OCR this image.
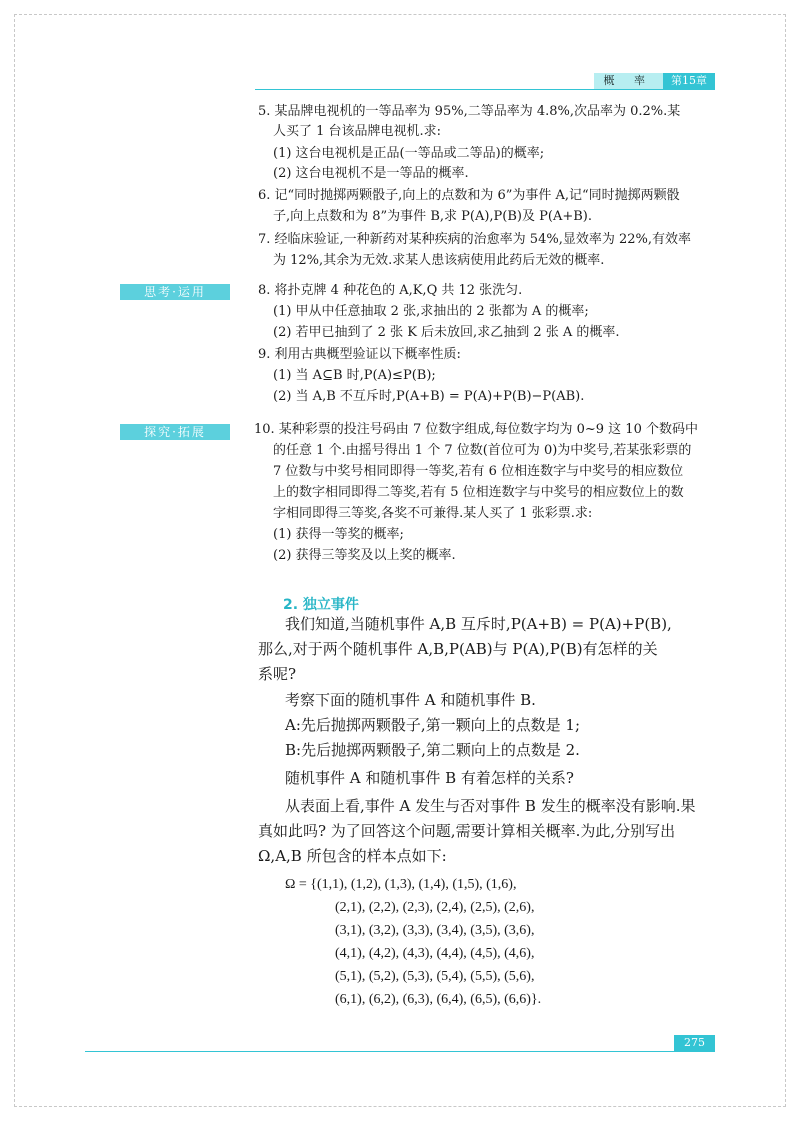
概 率	第15章
5. 某品牌电视机的一等品率为 95%,二等品率为 4.8%,次品率为 0.2%.某
人买了 1 台该品牌电视机.求:
(1) 这台电视机是正品(一等品或二等品)的概率;
(2) 这台电视机不是一等品的概率.
6. 记“同时抛掷两颗骰子,向上的点数和为 6”为事件 A,记“同时抛掷两颗骰
子,向上点数和为 8”为事件 B,求 P(A),P(B)及 P(A+B).
7. 经临床验证,一种新药对某种疾病的治愈率为 54%,显效率为 22%,有效率
为 12%,其余为无效.求某人患该病使用此药后无效的概率.
思考·运用	8. 将扑克牌 4 种花色的 A,K,Q 共 12 张洗匀.
(1) 甲从中任意抽取 2 张,求抽出的 2 张都为 A 的概率;
(2) 若甲已抽到了 2 张 K 后未放回,求乙抽到 2 张 A 的概率.
9. 利用古典概型验证以下概率性质:
(1) 当 A⊆B 时,P(A)≤P(B);
(2) 当 A,B 不互斥时,P(A+B) = P(A)+P(B)−P(AB).
探究·拓展	10. 某种彩票的投注号码由 7 位数字组成,每位数字均为 0~9 这 10 个数码中
的任意 1 个.由摇号得出 1 个 7 位数(首位可为 0)为中奖号,若某张彩票的
7 位数与中奖号相同即得一等奖,若有 6 位相连数字与中奖号的相应数位
上的数字相同即得二等奖,若有 5 位相连数字与中奖号的相应数位上的数
字相同即得三等奖,各奖不可兼得.某人买了 1 张彩票.求:
(1) 获得一等奖的概率;
(2) 获得三等奖及以上奖的概率.
2. 独立事件
我们知道,当随机事件 A,B 互斥时,P(A+B) = P(A)+P(B),
那么,对于两个随机事件 A,B,P(AB)与 P(A),P(B)有怎样的关
系呢?
考察下面的随机事件 A 和随机事件 B.
A:先后抛掷两颗骰子,第一颗向上的点数是 1;
B:先后抛掷两颗骰子,第二颗向上的点数是 2.
随机事件 A 和随机事件 B 有着怎样的关系?
从表面上看,事件 A 发生与否对事件 B 发生的概率没有影响.果
真如此吗? 为了回答这个问题,需要计算相关概率.为此,分别写出
Ω,A,B 所包含的样本点如下:
Ω = {(1,1), (1,2), (1,3), (1,4), (1,5), (1,6),
(2,1), (2,2), (2,3), (2,4), (2,5), (2,6),
(3,1), (3,2), (3,3), (3,4), (3,5), (3,6),
(4,1), (4,2), (4,3), (4,4), (4,5), (4,6),
(5,1), (5,2), (5,3), (5,4), (5,5), (5,6),
(6,1), (6,2), (6,3), (6,4), (6,5), (6,6)}.
275
